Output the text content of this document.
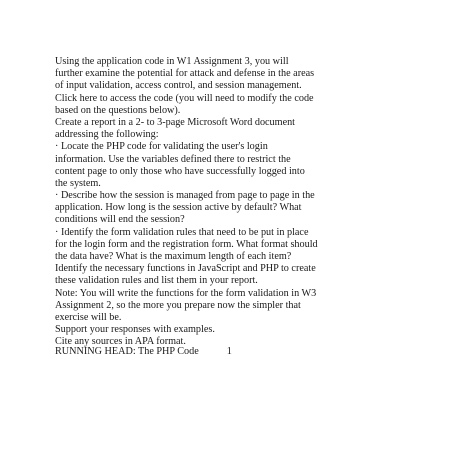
Using the application code in W1 Assignment 3, you will
further examine the potential for attack and defense in the areas
of input validation, access control, and session management.
Click here to access the code (you will need to modify the code
based on the questions below).
Create a report in a 2- to 3-page Microsoft Word document
addressing the following:
· Locate the PHP code for validating the user's login
information. Use the variables defined there to restrict the
content page to only those who have successfully logged into
the system.
· Describe how the session is managed from page to page in the
application. How long is the session active by default? What
conditions will end the session?
· Identify the form validation rules that need to be put in place
for the login form and the registration form. What format should
the data have? What is the maximum length of each item?
Identify the necessary functions in JavaScript and PHP to create
these validation rules and list them in your report.
Note: You will write the functions for the form validation in W3
Assignment 2, so the more you prepare now the simpler that
exercise will be.
Support your responses with examples.
Cite any sources in APA format.
RUNNING HEAD: The PHP Code	1
